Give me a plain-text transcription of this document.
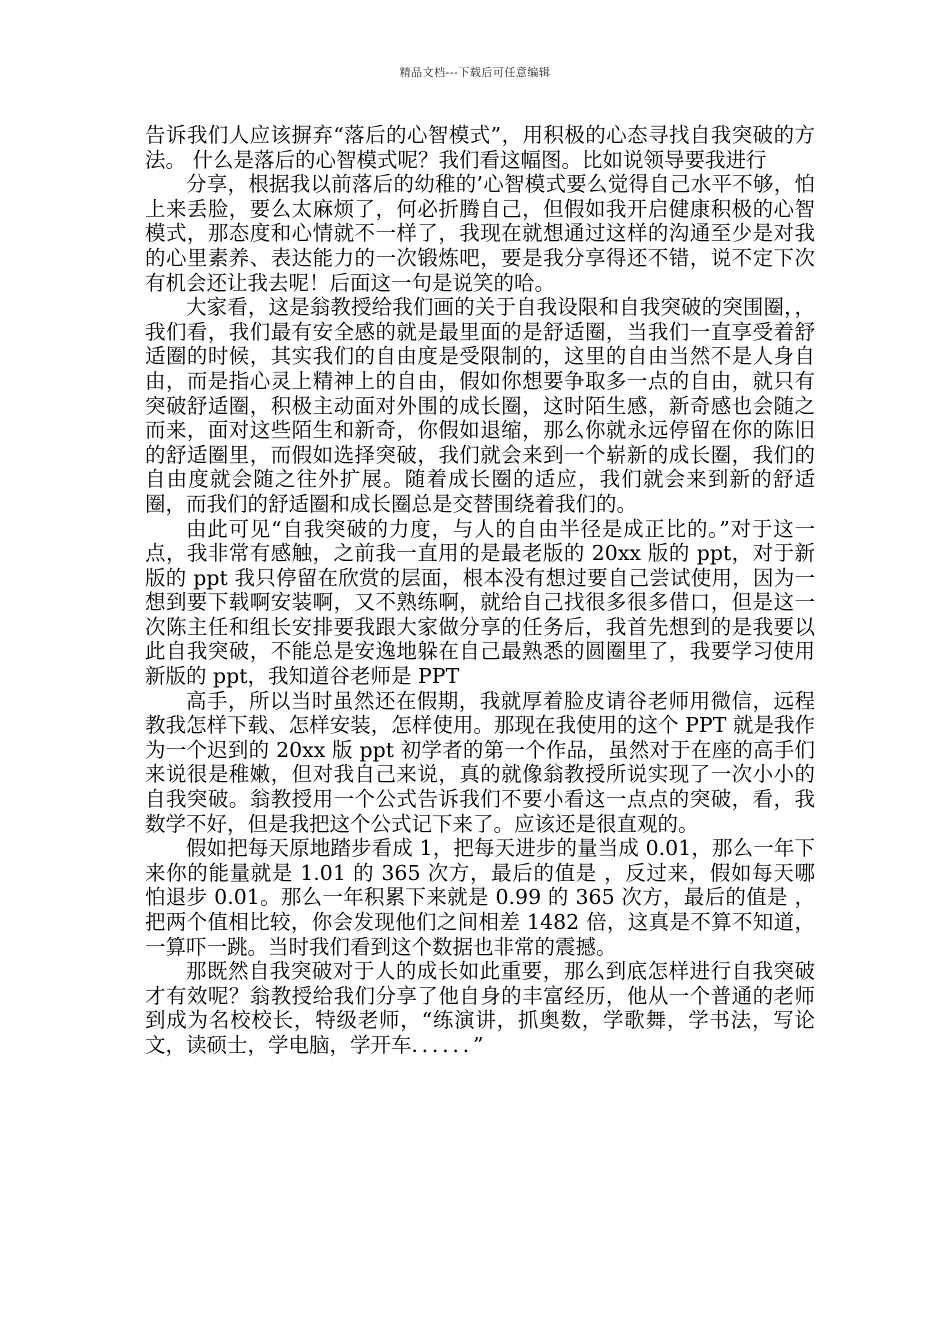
精品文档---下载后可任意编辑

告诉我们人应该摒弃“落后的心智模式”，用积极的心态寻找自我突破的方法。 什么是落后的心智模式呢？我们看这幅图。比如说领导要我进行

分享，根据我以前落后的幼稚的’心智模式要么觉得自己水平不够，怕上来丢脸，要么太麻烦了，何必折腾自己，但假如我开启健康积极的心智模式，那态度和心情就不一样了，我现在就想通过这样的沟通至少是对我的心里素养、表达能力的一次锻炼吧，要是我分享得还不错，说不定下次有机会还让我去呢！后面这一句是说笑的哈。

大家看，这是翁教授给我们画的关于自我设限和自我突破的突围圈，，我们看，我们最有安全感的就是最里面的是舒适圈，当我们一直享受着舒适圈的时候，其实我们的自由度是受限制的，这里的自由当然不是人身自由，而是指心灵上精神上的自由，假如你想要争取多一点的自由，就只有突破舒适圈，积极主动面对外围的成长圈，这时陌生感，新奇感也会随之而来，面对这些陌生和新奇，你假如退缩，那么你就永远停留在你的陈旧的舒适圈里，而假如选择突破，我们就会来到一个崭新的成长圈，我们的自由度就会随之往外扩展。随着成长圈的适应，我们就会来到新的舒适圈，而我们的舒适圈和成长圈总是交替围绕着我们的。

由此可见“自我突破的力度，与人的自由半径是成正比的。”对于这一点，我非常有感触，之前我一直用的是最老版的 20xx 版的 ppt，对于新版的 ppt 我只停留在欣赏的层面，根本没有想过要自己尝试使用，因为一想到要下载啊安装啊，又不熟练啊，就给自己找很多很多借口，但是这一次陈主任和组长安排要我跟大家做分享的任务后，我首先想到的是我要以此自我突破，不能总是安逸地躲在自己最熟悉的圆圈里了，我要学习使用新版的 ppt，我知道谷老师是 PPT

高手，所以当时虽然还在假期，我就厚着脸皮请谷老师用微信，远程教我怎样下载、怎样安装，怎样使用。那现在我使用的这个 PPT 就是我作为一个迟到的 20xx 版 ppt 初学者的第一个作品，虽然对于在座的高手们来说很是稚嫩，但对我自己来说，真的就像翁教授所说实现了一次小小的自我突破。翁教授用一个公式告诉我们不要小看这一点点的突破，看，我数学不好，但是我把这个公式记下来了。应该还是很直观的。

假如把每天原地踏步看成 1，把每天进步的量当成 0.01，那么一年下来你的能量就是 1.01 的 365 次方，最后的值是 ，反过来，假如每天哪怕退步 0.01。那么一年积累下来就是 0.99 的 365 次方，最后的值是 ，把两个值相比较，你会发现他们之间相差 1482 倍，这真是不算不知道，一算吓一跳。当时我们看到这个数据也非常的震撼。

那既然自我突破对于人的成长如此重要，那么到底怎样进行自我突破才有效呢？翁教授给我们分享了他自身的丰富经历，他从一个普通的老师到成为名校校长，特级老师，“练演讲，抓奥数，学歌舞，学书法，写论文，读硕士，学电脑，学开车．．．．．．”
